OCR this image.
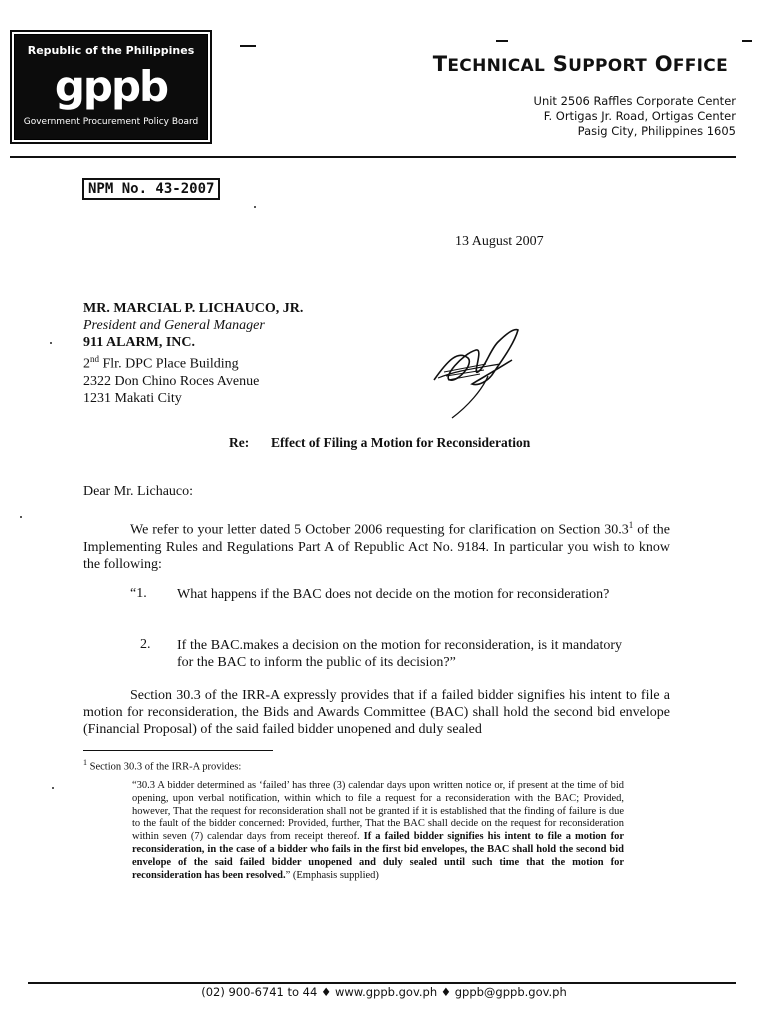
Republic of the Philippines
gppb
Government Procurement Policy Board
TECHNICAL SUPPORT OFFICE
Unit 2506 Raffles Corporate Center
F. Ortigas Jr. Road, Ortigas Center
Pasig City, Philippines 1605
NPM No. 43-2007
13 August 2007
MR. MARCIAL P. LICHAUCO, JR.
President and General Manager
911 ALARM, INC.
2nd Flr. DPC Place Building
2322 Don Chino Roces Avenue
1231 Makati City
Re: Effect of Filing a Motion for Reconsideration
Dear Mr. Lichauco:
We refer to your letter dated 5 October 2006 requesting for clarification on Section 30.3$^1$ of the Implementing Rules and Regulations Part A of Republic Act No. 9184. In particular you wish to know the following:
“1. What happens if the BAC does not decide on the motion for reconsideration?
2. If the BAC.makes a decision on the motion for reconsideration, is it mandatory for the BAC to inform the public of its decision?”
Section 30.3 of the IRR-A expressly provides that if a failed bidder signifies his intent to file a motion for reconsideration, the Bids and Awards Committee (BAC) shall hold the second bid envelope (Financial Proposal) of the said failed bidder unopened and duly sealed
$^1$ Section 30.3 of the IRR-A provides:
“30.3 A bidder determined as ‘failed’ has three (3) calendar days upon written notice or, if present at the time of bid opening, upon verbal notification, within which to file a request for a reconsideration with the BAC; Provided, however, That the request for reconsideration shall not be granted if it is established that the finding of failure is due to the fault of the bidder concerned: Provided, further, That the BAC shall decide on the request for reconsideration within seven (7) calendar days from receipt thereof. If a failed bidder signifies his intent to file a motion for reconsideration, in the case of a bidder who fails in the first bid envelopes, the BAC shall hold the second bid envelope of the said failed bidder unopened and duly sealed until such time that the motion for reconsideration has been resolved.” (Emphasis supplied)
(02) 900-6741 to 44 ♦ www.gppb.gov.ph ♦ gppb@gppb.gov.ph
